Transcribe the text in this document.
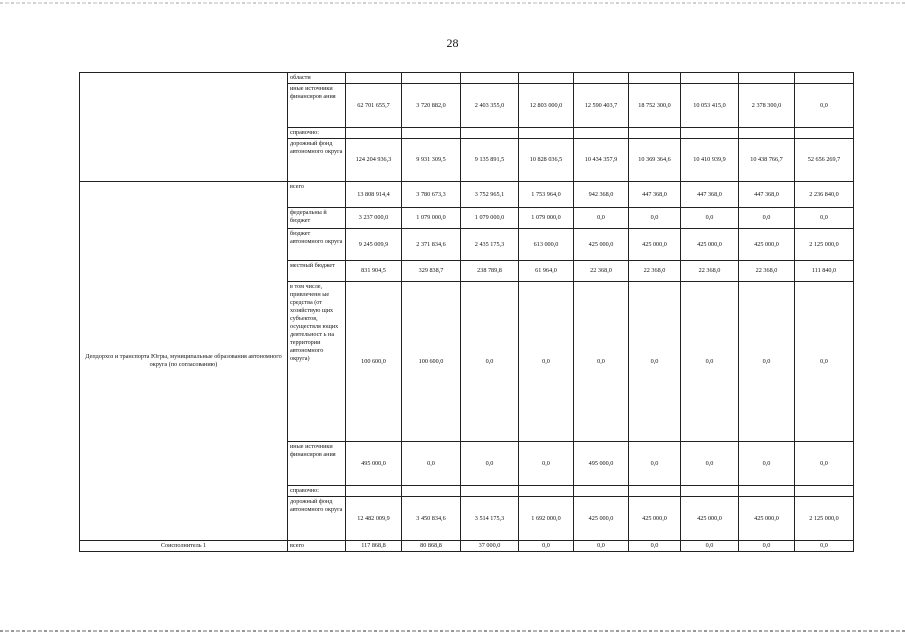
28
	области									
	иные источники финансиров ания	62 701 655,7	3 720 882,0	2 403 355,0	12 803 000,0	12 590 403,7	18 752 300,0	10 053 415,0	2 378 300,0	0,0
	справочно:									
	дорожный фонд автономного округа	124 204 936,3	9 931 309,5	9 135 891,5	10 828 036,5	10 434 357,9	10 369 364,6	10 410 939,9	10 438 766,7	52 656 269,7
Депдорхоз и транспорта Югры, муниципальные образования автономного округа (по согласованию)	всего	13 808 914,4	3 780 673,3	3 752 965,1	1 753 964,0	942 368,0	447 368,0	447 368,0	447 368,0	2 236 840,0
	федеральны й бюджет	3 237 000,0	1 079 000,0	1 079 000,0	1 079 000,0	0,0	0,0	0,0	0,0	0,0
	бюджет автономного округа	9 245 009,9	2 371 834,6	2 435 175,3	613 000,0	425 000,0	425 000,0	425 000,0	425 000,0	2 125 000,0
	местный бюджет	831 904,5	329 838,7	238 789,8	61 964,0	22 368,0	22 368,0	22 368,0	22 368,0	111 840,0
	в том числе, привлеченн ые средства (от хозяйствую щих субъектов, осуществля ющих деятельност ь на территории автономного округа)	100 600,0	100 600,0	0,0	0,0	0,0	0,0	0,0	0,0	0,0
	иные источники финансиров ания	495 000,0	0,0	0,0	0,0	495 000,0	0,0	0,0	0,0	0,0
	справочно:									
	дорожный фонд автономного округа	12 482 009,9	3 450 834,6	3 514 175,3	1 692 000,0	425 000,0	425 000,0	425 000,0	425 000,0	2 125 000,0
Соисполнитель 1	всего	117 868,8	80 868,8	37 000,0	0,0	0,0	0,0	0,0	0,0	0,0
